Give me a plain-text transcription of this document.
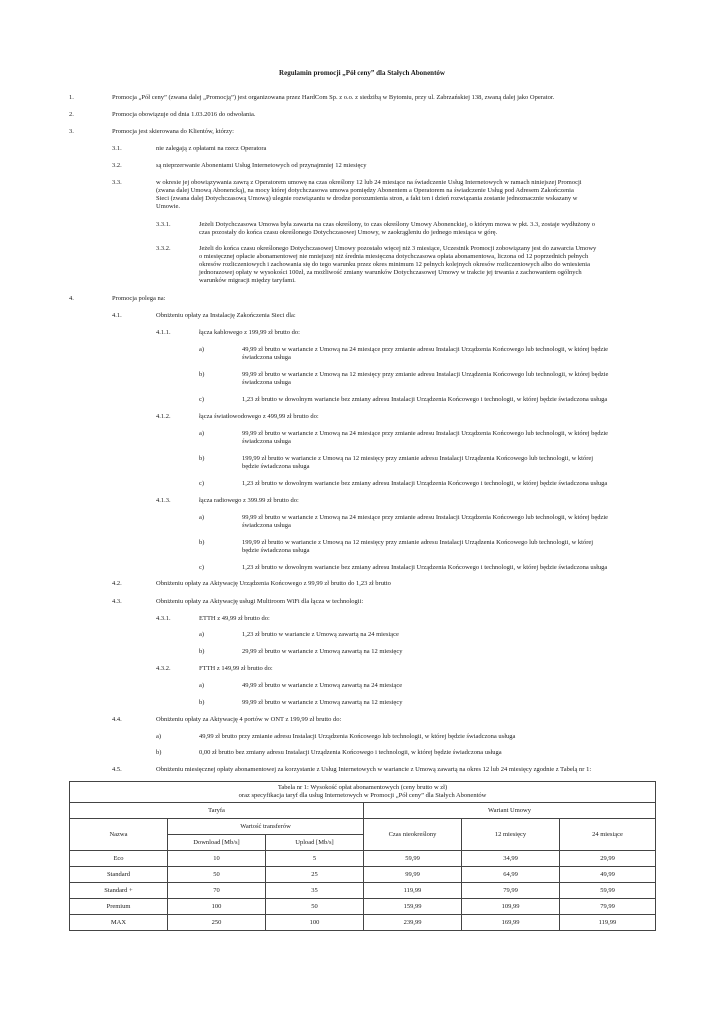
Regulamin promocji „Pół ceny” dla Stałych Abonentów
1.	Promocja „Pół ceny” (zwana dalej „Promocją”) jest organizowana przez HardCom Sp. z o.o. z siedzibą w Bytomiu, przy ul. Zabrzańskiej 138, zwaną dalej jako Operator.
2.	Promocja obowiązuje od dnia 1.03.2016 do odwołania.
3.	Promocja jest skierowana do Klientów, którzy:
3.1.	nie zalegają z opłatami na rzecz Operatora
3.2.	są nieprzerwanie Abonentami Usług Internetowych od przynajmniej 12 miesięcy
3.3.	w okresie jej obowiązywania zawrą z Operatorem umowę na czas określony 12 lub 24 miesiące na świadczenie Usług Internetowych w ramach niniejszej Promocji
(zwana dalej Umową Abonencką), na mocy której dotychczasowa umowa pomiędzy Abonentem a Operatorem na świadczenie Usług pod Adresem Zakończenia
Sieci (zwana dalej Dotychczasową Umową) ulegnie rozwiązaniu w drodze porozumienia stron, a fakt ten i dzień rozwiązania zostanie jednoznacznie wskazany w
Umowie.
3.3.1.	Jeżeli Dotychczasowa Umowa była zawarta na czas określony, to czas określony Umowy Abonenckiej, o którym mowa w pkt. 3.3, zostaje wydłużony o
czas pozostały do końca czasu określonego Dotychczasowej Umowy, w zaokrągleniu do jednego miesiąca w górę.
3.3.2.	Jeżeli do końca czasu określonego Dotychczasowej Umowy pozostało więcej niż 3 miesiące, Uczestnik Promocji zobowiązany jest do zawarcia Umowy
o miesięcznej opłacie abonamentowej nie mniejszej niż średnia miesięczna dotychczasowa opłata abonamentowa, liczona od 12 poprzednich pełnych
okresów rozliczeniowych i zachowania się do tego warunku przez okres minimum 12 pełnych kolejnych okresów rozliczeniowych albo do wniesienia
jednorazowej opłaty w wysokości 100zł, za możliwość zmiany warunków Dotychczasowej Umowy w trakcie jej trwania z zachowaniem ogólnych
warunków migracji między taryfami.
4.	Promocja polega na:
4.1.	Obniżeniu opłaty za Instalację Zakończenia Sieci dla:
4.1.1.	łącza kablowego z 199,99 zł brutto do:
a)	49,99 zł brutto w wariancie z Umową na 24 miesiące przy zmianie adresu Instalacji Urządzenia Końcowego lub technologii, w której będzie
świadczona usługa
b)	99,99 zł brutto w wariancie z Umową na 12 miesięcy przy zmianie adresu Instalacji Urządzenia Końcowego lub technologii, w której będzie
świadczona usługa
c)	1,23 zł brutto w dowolnym wariancie bez zmiany adresu Instalacji Urządzenia Końcowego i technologii, w której będzie świadczona usługa
4.1.2.	łącza światłowodowego z 499,99 zł brutto do:
a)	99,99 zł brutto w wariancie z Umową na 24 miesiące przy zmianie adresu Instalacji Urządzenia Końcowego lub technologii, w której będzie
świadczona usługa
b)	199,99 zł brutto w wariancie z Umową na 12 miesięcy przy zmianie adresu Instalacji Urządzenia Końcowego lub technologii, w której
będzie świadczona usługa
c)	1,23 zł brutto w dowolnym wariancie bez zmiany adresu Instalacji Urządzenia Końcowego i technologii, w której będzie świadczona usługa
4.1.3.	łącza radiowego z 399.99 zł brutto do:
a)	99,99 zł brutto w wariancie z Umową na 24 miesiące przy zmianie adresu Instalacji Urządzenia Końcowego lub technologii, w której będzie
świadczona usługa
b)	199,99 zł brutto w wariancie z Umową na 12 miesięcy przy zmianie adresu Instalacji Urządzenia Końcowego lub technologii, w której
będzie świadczona usługa
c)	1,23 zł brutto w dowolnym wariancie bez zmiany adresu Instalacji Urządzenia Końcowego i technologii, w której będzie świadczona usługa
4.2.	Obniżeniu opłaty za Aktywację Urządzenia Końcowego z 99,99 zł brutto do 1,23 zł brutto
4.3.	Obniżeniu opłaty za Aktywację usługi Multiroom WiFi dla łącza w technologii:
4.3.1.	ETTH z 49,99 zł brutto do:
a)	1,23 zł brutto w wariancie z Umową zawartą na 24 miesiące
b)	29,99 zł brutto w wariancie z Umową zawartą na 12 miesięcy
4.3.2.	FTTH z 149,99 zł brutto do:
a)	49,99 zł brutto w wariancie z Umową zawartą na 24 miesiące
b)	99,99 zł brutto w wariancie z Umową zawartą na 12 miesięcy
4.4.	Obniżeniu opłaty za Aktywację 4 portów w ONT z 199,99 zł brutto do:
a)	49,99 zł brutto przy zmianie adresu Instalacji Urządzenia Końcowego lub technologii, w której będzie świadczona usługa
b)	0,00 zł brutto bez zmiany adresu Instalacji Urządzenia Końcowego i technologii, w której będzie świadczona usługa
4.5.	Obniżeniu miesięcznej opłaty abonamentowej za korzystanie z Usług Internetowych w wariancie z Umową zawartą na okres 12 lub 24 miesięcy zgodnie z Tabelą nr 1:
Tabela nr 1: Wysokość opłat abonamentowych (ceny brutto w zł)
oraz specyfikacja taryf dla usług Internetowych w Promocji „Pół ceny” dla Stałych Abonentów					

Taryfa			Wariant Umowy		
Nazwa	Wartość transferów		Czas nieokreślony	12 miesięcy	24 miesiące
	Download [Mb/s]	Upload [Mb/s]			
Eco	10	5	59,99	34,99	29,99
Standard	50	25	99,99	64,99	49,99
Standard +	70	35	119,99	79,99	59,99
Premium	100	50	159,99	109,99	79,99
MAX	250	100	239,99	169,99	119,99
